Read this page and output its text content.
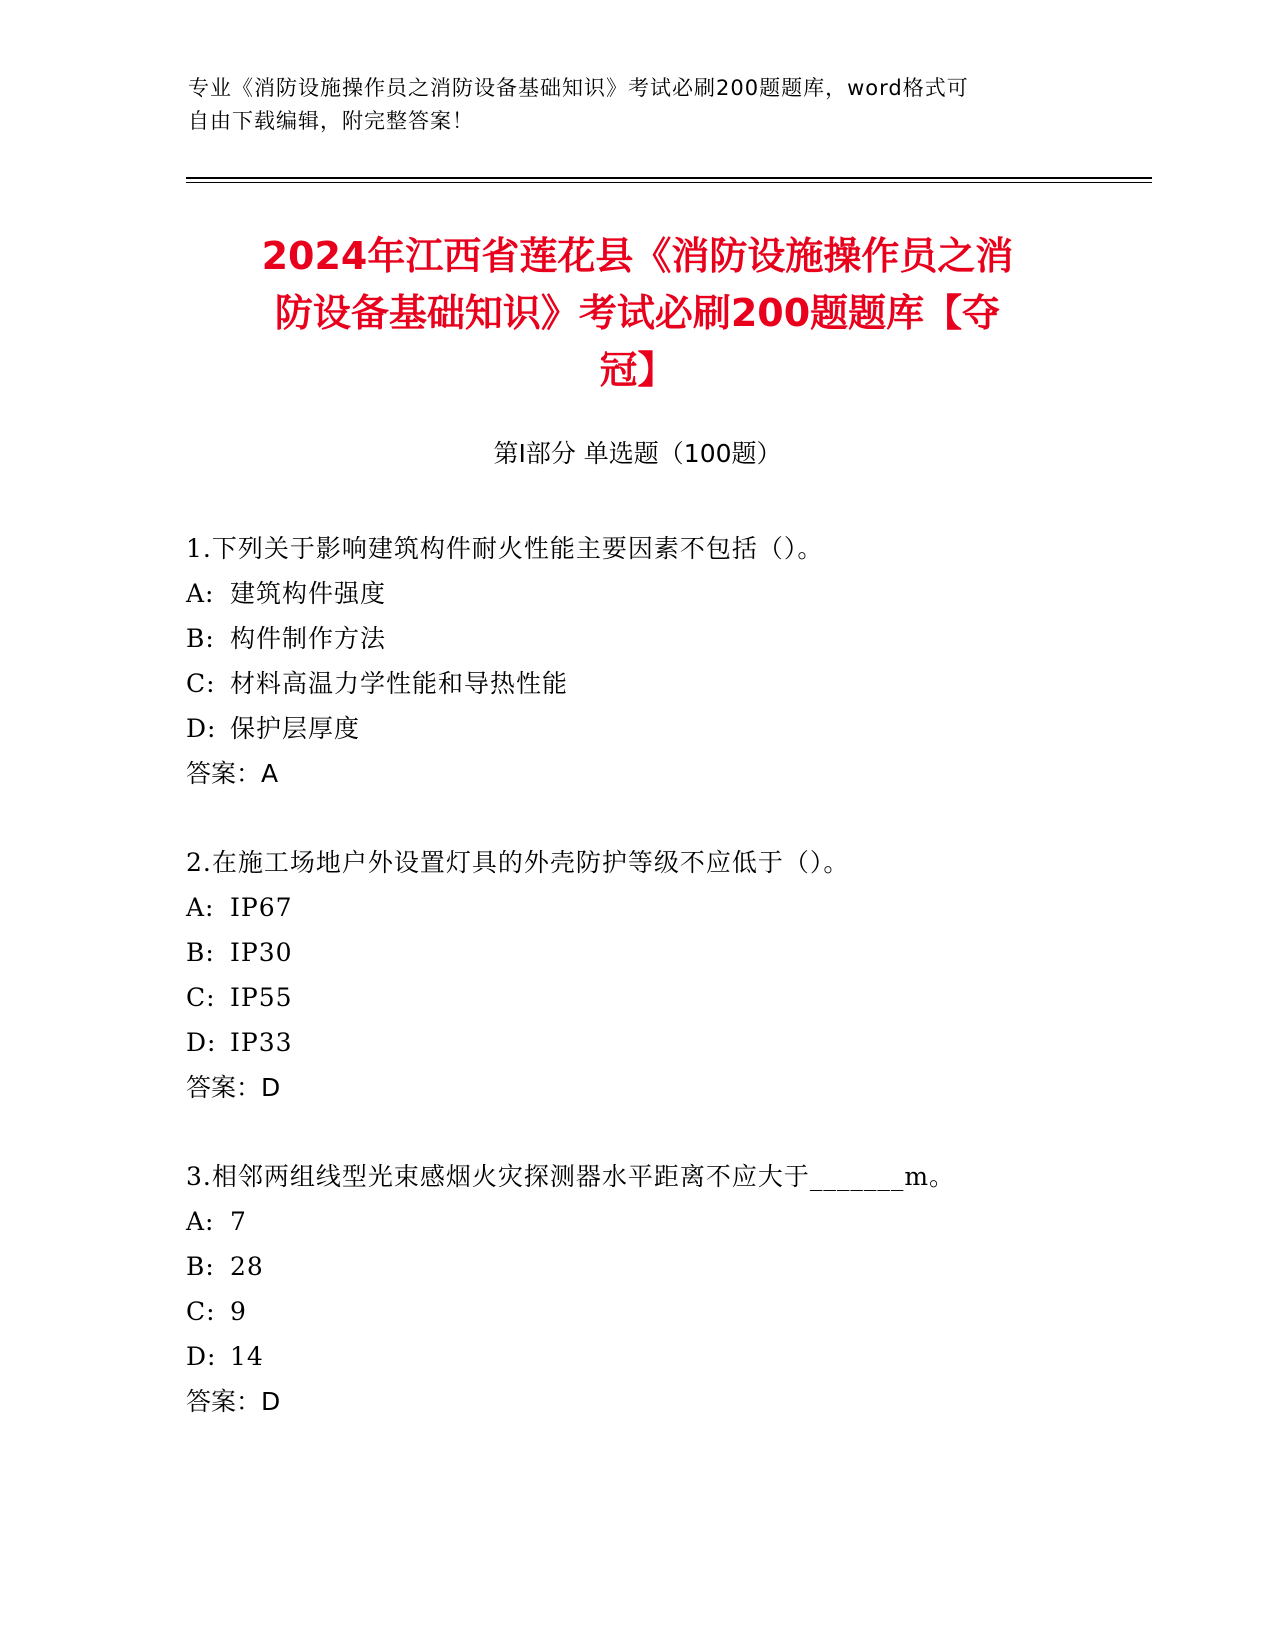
专业《消防设施操作员之消防设备基础知识》考试必刷200题题库，word格式可
自由下载编辑，附完整答案！
2024年江西省莲花县《消防设施操作员之消
防设备基础知识》考试必刷200题题库【夺
冠】
第Ⅰ部分 单选题（100题）
1.下列关于影响建筑构件耐火性能主要因素不包括（）。
A: 建筑构件强度
B: 构件制作方法
C: 材料高温力学性能和导热性能
D: 保护层厚度
答案：A
2.在施工场地户外设置灯具的外壳防护等级不应低于（）。
A: IP67
B: IP30
C: IP55
D: IP33
答案：D
3.相邻两组线型光束感烟火灾探测器水平距离不应大于_______m。
A: 7
B: 28
C: 9
D: 14
答案：D
